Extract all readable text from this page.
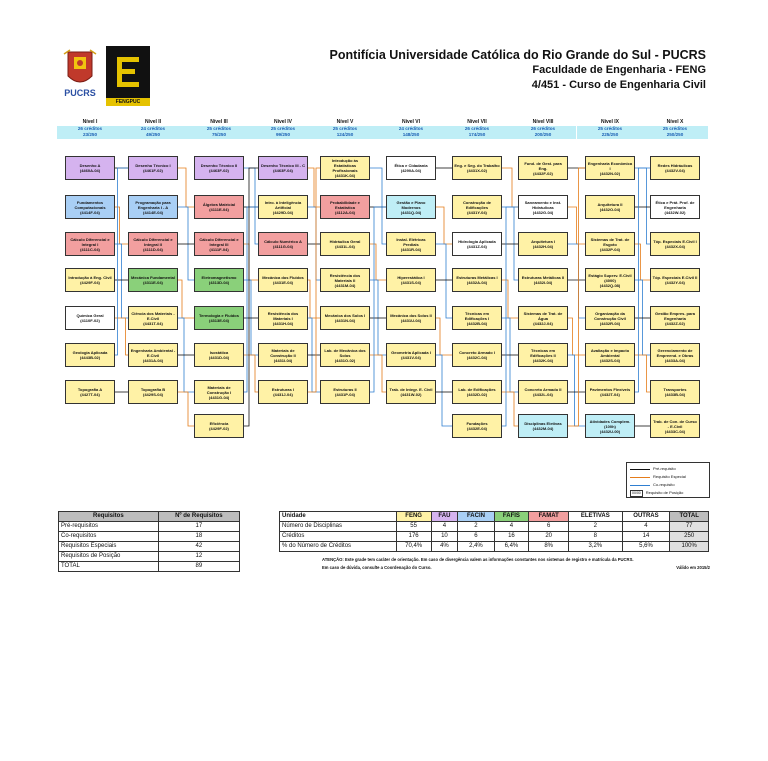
PUCRS
FENGPUC
Pontifícia Universidade Católica do Rio Grande do Sul - PUCRS
Faculdade de Engenharia - FENG
4/451 - Curso de Engenharia Civil
Nível I
26 créditos
23/250
Nível II
24 créditos
49/250
Nível III
25 créditos
75/250
Nível IV
25 créditos
99/250
Nível V
25 créditos
124/250
Nível VI
24 créditos
148/250
Nível VII
26 créditos
174/250
Nível VIII
26 créditos
200/250
Nível IX
25 créditos
225/250
Nível X
25 créditos
250/250
Desenho A
(4460A-04)
Fundamentos Computacionais
(4414F-04)
Cálculo Diferencial e Integral I
(4111C-04)
Introdução à Eng. Civil
(4429F-04)
Química Geral
(4110F-02)
Geologia Aplicada
(4443B-02)
Topografia A
(4427T-04)
Desenho Técnico I
(4461F-02)
Programação para Engenharia I - A
(4414E-04)
Cálculo Diferencial e Integral II
(4111D-04)
Mecânica Fundamental
(4311E-04)
Ciência dos Materiais - E.Civil
(4431T-04)
Engenharia Ambiental - E.Civil
(4431A-04)
Topografia B
(4429S-04)
Desenho Técnico II
(4463F-02)
Álgebra Matricial
(4111E-04)
Cálculo Diferencial e Integral III
(4111F-04)
Eletromagnetismo
(4313D-04)
Termologia e Fluidos
(4313E-04)
Isostática
(4431D-04)
Materiais de Construção I
(4431G-04)
Eficiência
(4429F-02)
Desenho Técnico III - C
(4463F-04)
Intro. à Inteligência Artificial
(4429D-04)
Cálculo Numérico A
(4111G-04)
Mecânica dos Fluidos
(4431E-04)
Resistência dos Materiais I
(4431H-04)
Materiais de Construção II
(4431I-04)
Estruturas I
(4431J-04)
Introdução às Estatísticas Profissionais
(4431K-04)
Probabilidade e Estatística
(4112A-04)
Hidráulica Geral
(4431L-04)
Resistência dos Materiais II
(4431M-04)
Mecânica dos Solos I
(4431N-04)
Lab. de Mecânica dos Solos
(4431O-02)
Estruturas II
(4431P-04)
Ética e Cidadania
(4290A-04)
Gestão e Plano Modernos
(4431Q-04)
Instal. Elétricas Prediais
(4431R-04)
Hiperestática I
(4431S-04)
Mecânica dos Solos II
(4431U-04)
Geometria Aplicada I
(4431V-04)
Trab. de Integr. E. Civil
(4431W-02)
Eng. e Seg. do Trabalho
(4431X-02)
Construção de Edificações
(4431Y-04)
Hidrologia Aplicada
(4431Z-04)
Estruturas Metálicas I
(4432A-04)
Técnicas em Edificações I
(4432B-04)
Concreto Armado I
(4432C-04)
Lab. de Edificações
(4432D-02)
Fundações
(4432E-04)
Fund. de Gest. para Eng.
(4432F-02)
Saneamento e Inst. Hidráulicas
(4432G-04)
Arquitetura I
(4432H-04)
Estruturas Metálicas II
(4432I-04)
Sistemas de Trat. de Água
(4432J-04)
Técnicas em Edificações II
(4432K-04)
Concreto Armado II
(4432L-04)
Disciplinas Eletivas
(4432M-04)
Engenharia Econômica I
(4432N-02)
Arquitetura II
(4432O-04)
Sistemas de Trat. de Esgoto
(4432P-04)
Estágio Superv. E.Civil (4000)
(4432Q-08)
Organização da Construção Civil
(4432R-04)
Avaliação e Impacto Ambiental
(4432S-04)
Pavimentos Flexíveis
(4432T-04)
Atividades Complem. (100h)
(4432U-00)
Redes Hidráulicas
(4432V-04)
Ética e Prát. Prof. de Engenharia
(4432W-02)
Tóp. Especiais E.Civil I
(4432X-04)
Tóp. Especiais E.Civil II
(4432Y-04)
Gestão Empres. para Engenharia
(4432Z-02)
Gerenciamento de Empreend. e Obras
(4433A-04)
Transportes
(4433B-04)
Trab. de Con. de Curso - E.Civil
(4433C-04)
Pré-requisito
Requisito Especial
Co-requisito
00/00	Requisito de Posição
Requisitos	Nº de Requisitos
Pré-requisitos	17
Co-requisitos	18
Requisitos Especiais	42
Requisitos de Posição	12
TOTAL	89
Unidade	FENG	FAU	FACIN	FAFIS	FAMAT	ELETIVAS	OUTRAS	TOTAL
Número de Disciplinas	55	4	2	4	6	2	4	77
Créditos	176	10	6	16	20	8	14	250
% do Número de Créditos	70,4%	4%	2,4%	6,4%	8%	3,2%	5,6%	100%
ATENÇÃO: Este grade tem caráter de orientação. Em caso de divergência valem as informações constantes nos sistemas de registro e matrícula da PUCRS.
Em caso de dúvida, consulte a Coordenação do Curso.	Válido em 2015/2
